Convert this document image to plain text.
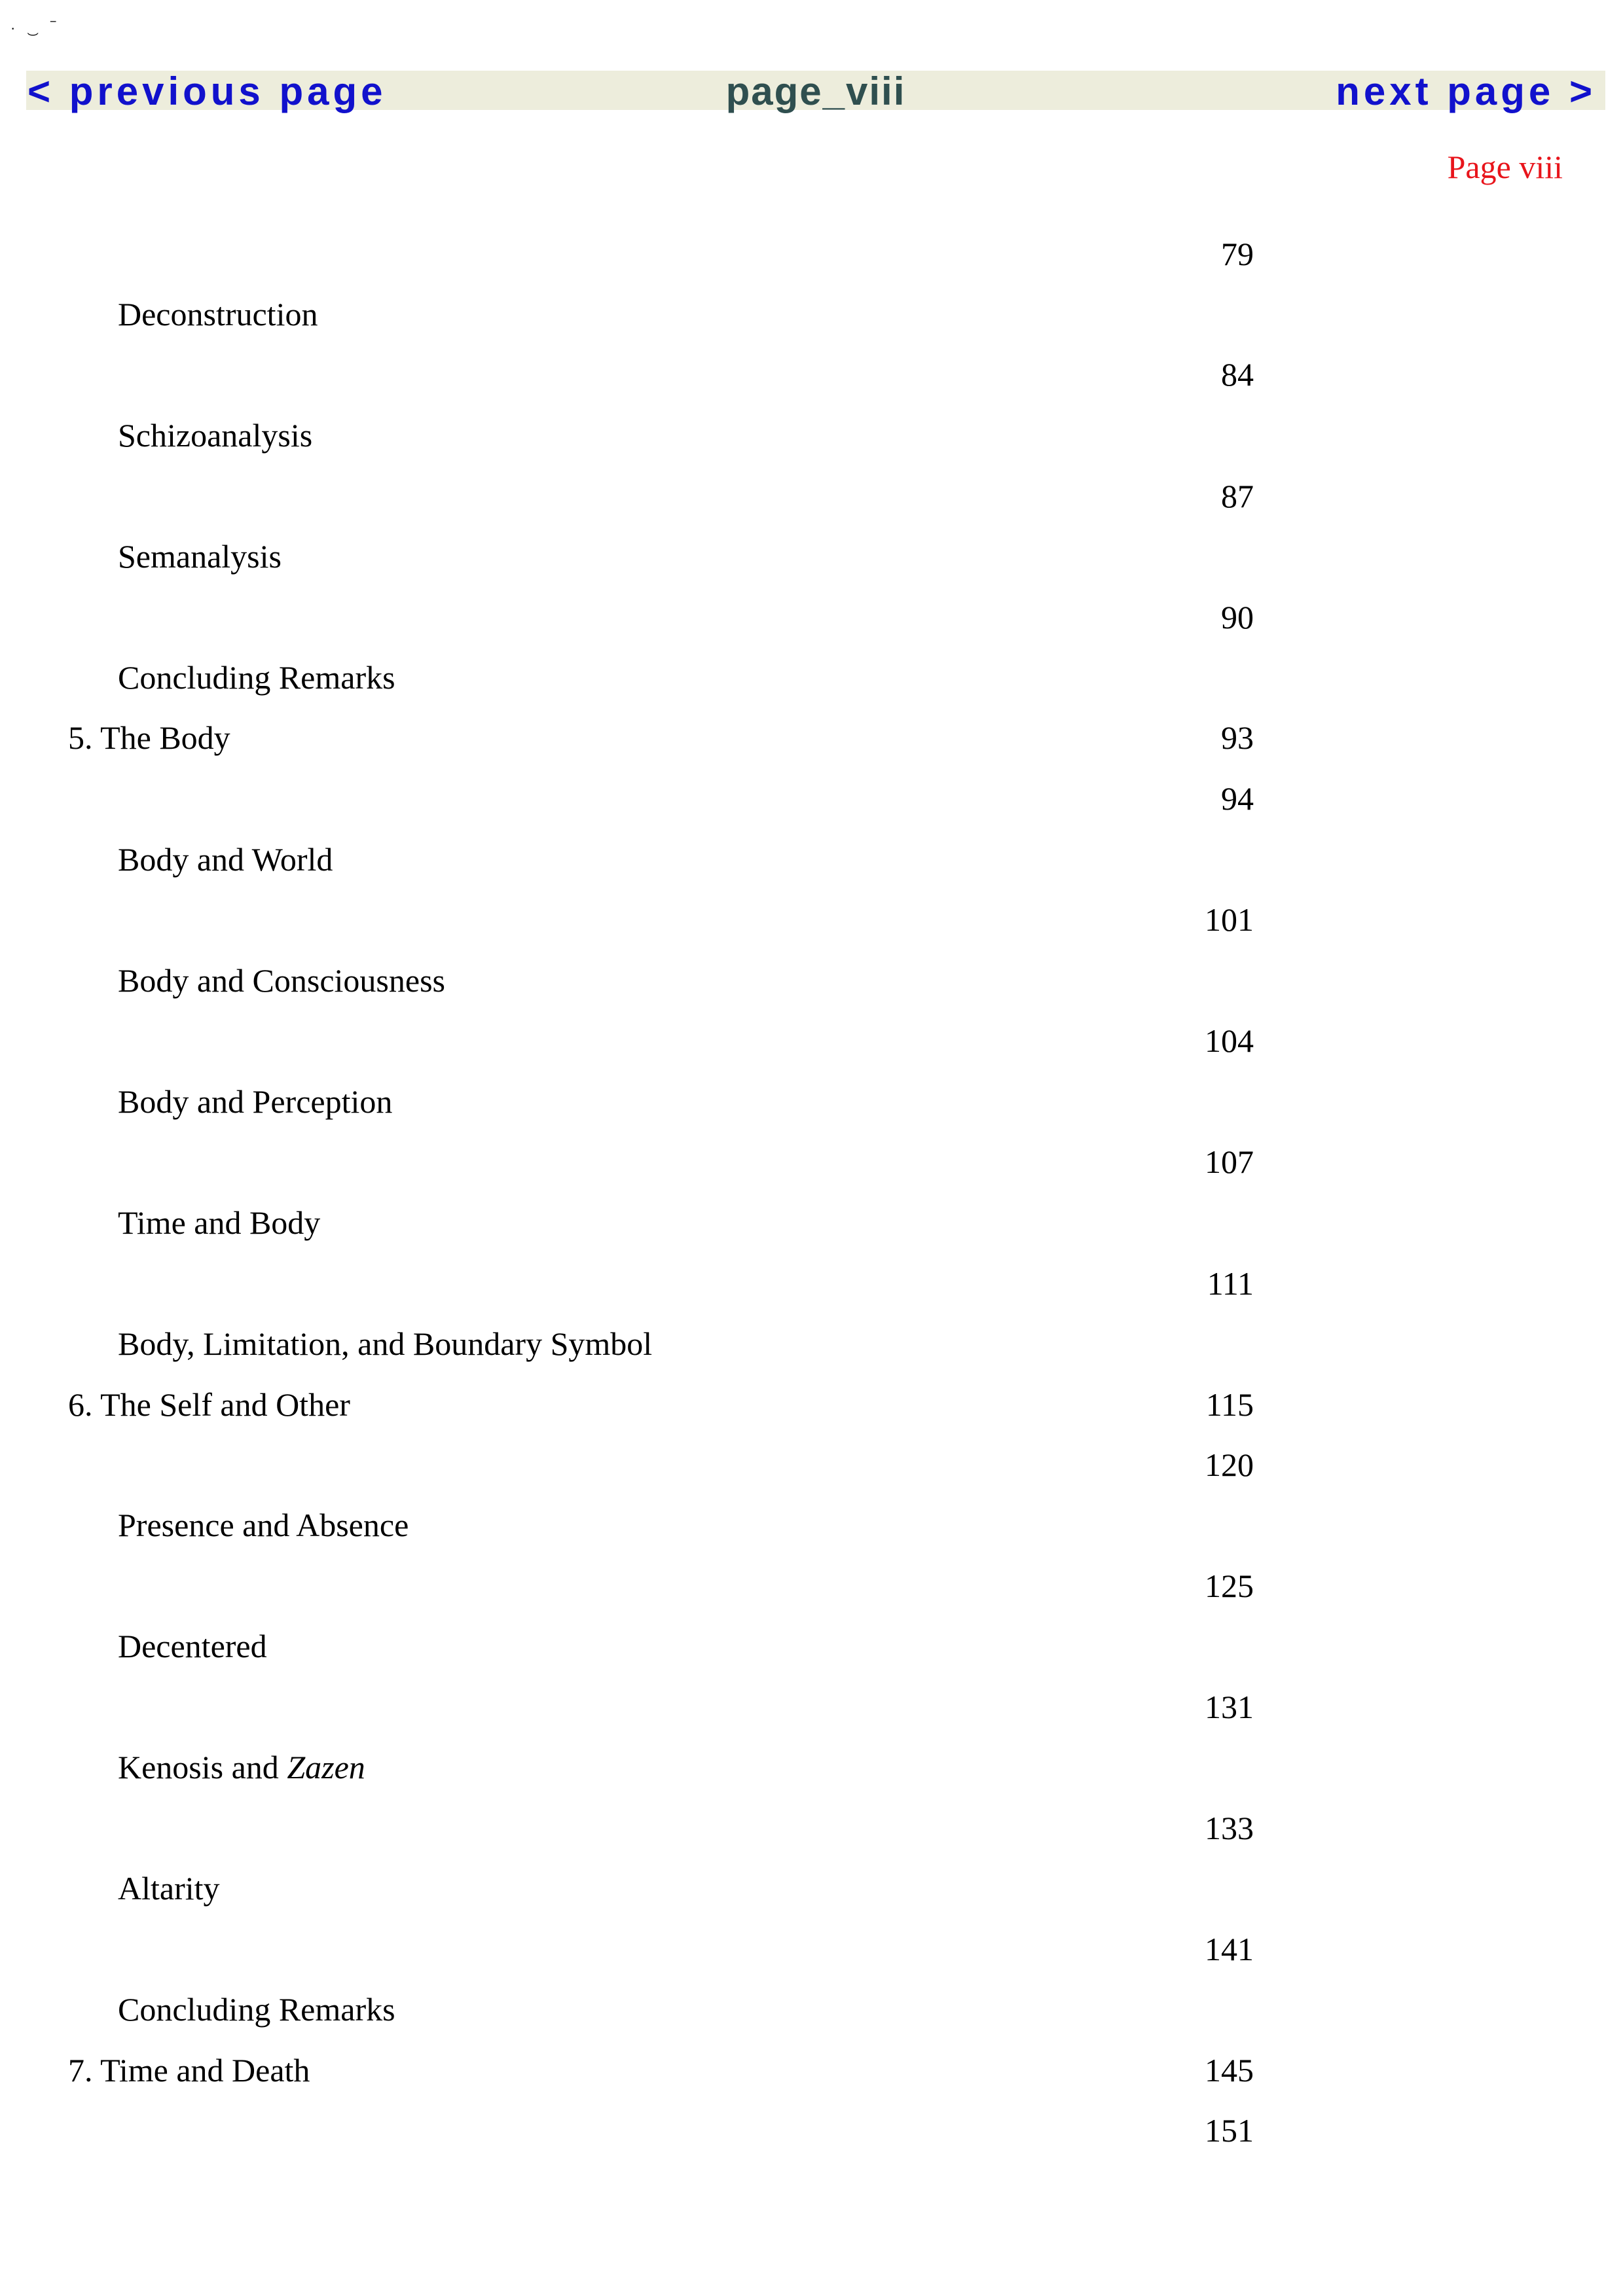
· ͜ ‾
< previous page	page_viii	next page >
Page viii
79
84
87
90
93
94
101
104
107
111
115
120
125
131
133
141
145
151
Deconstruction
Schizoanalysis
Semanalysis
Concluding Remarks
5. The Body
Body and World
Body and Consciousness
Body and Perception
Time and Body
Body, Limitation, and Boundary Symbol
6. The Self and Other
Presence and Absence
Decentered
Kenosis and Zazen
Altarity
Concluding Remarks
7. Time and Death
